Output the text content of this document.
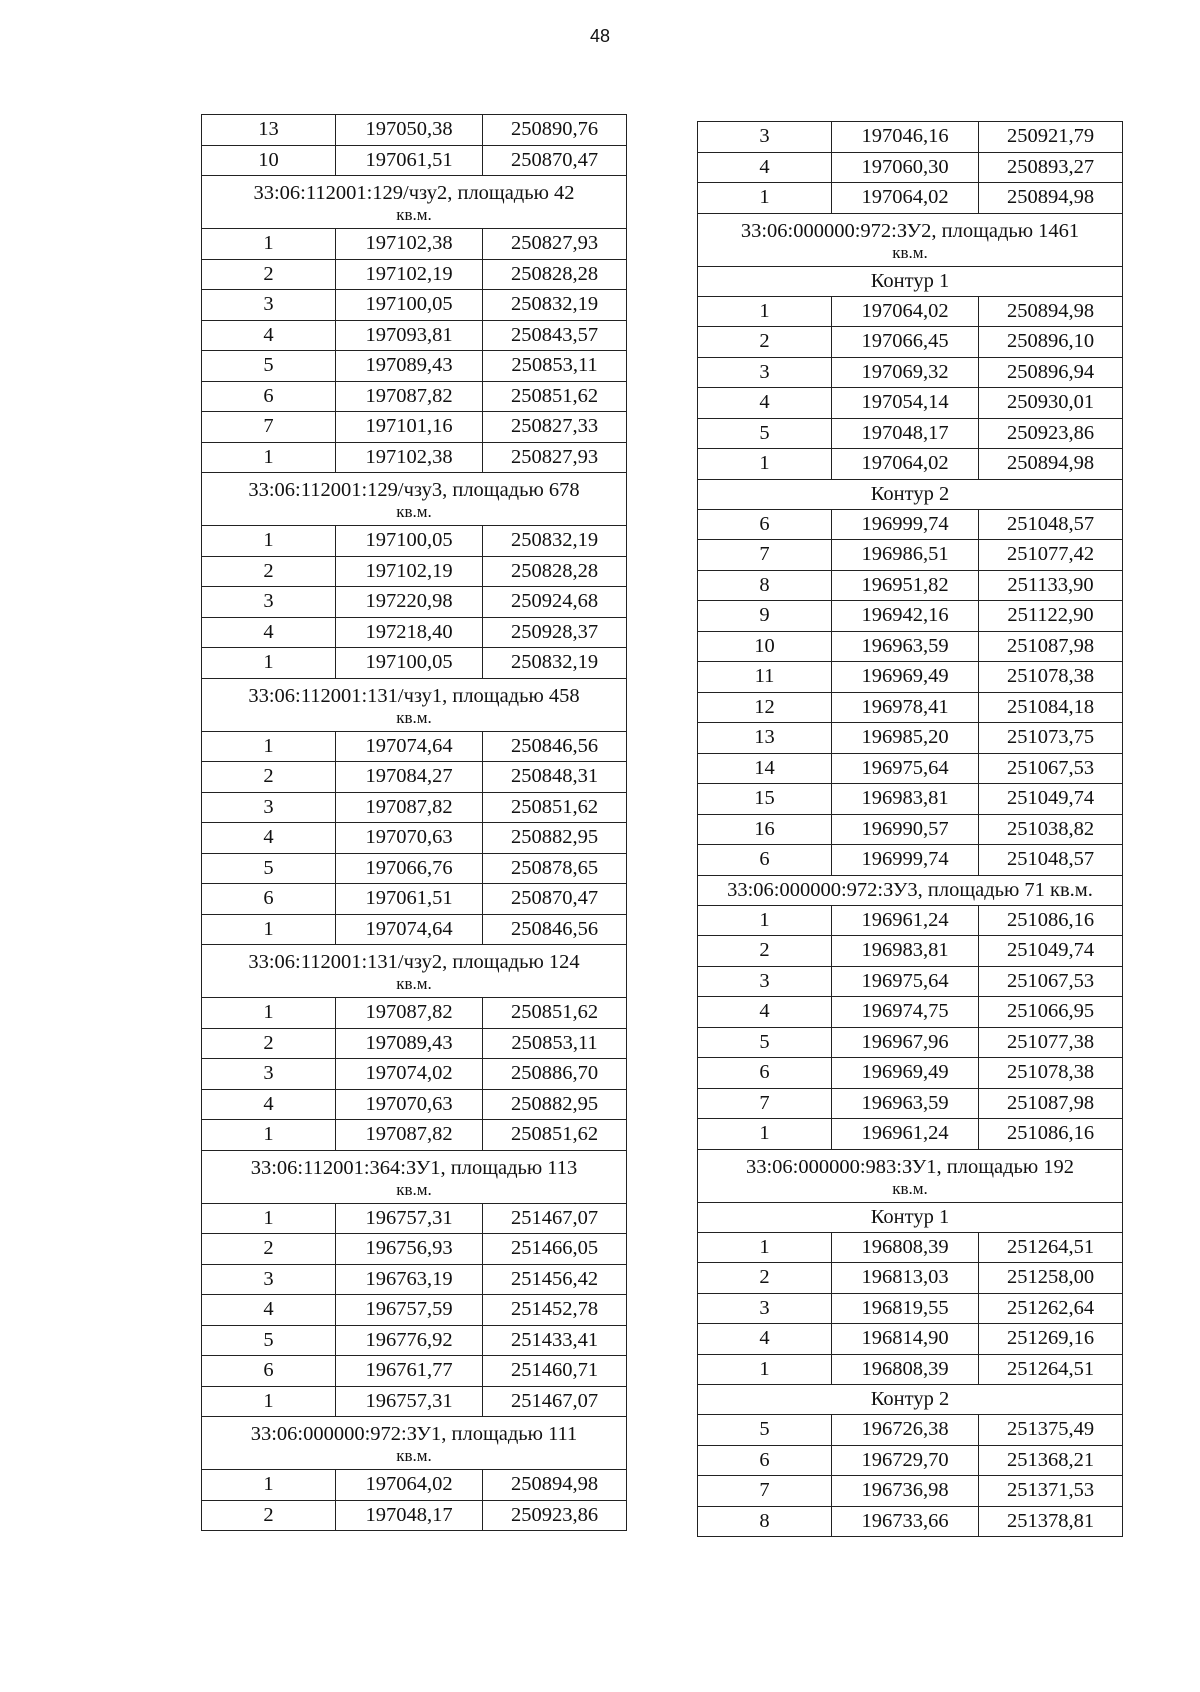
48
13	197050,38	250890,76
10	197061,51	250870,47
33:06:112001:129/чзу2, площадью 42
кв.м.		

1	197102,38	250827,93
2	197102,19	250828,28
3	197100,05	250832,19
4	197093,81	250843,57
5	197089,43	250853,11
6	197087,82	250851,62
7	197101,16	250827,33
1	197102,38	250827,93
33:06:112001:129/чзу3, площадью 678
кв.м.		

1	197100,05	250832,19
2	197102,19	250828,28
3	197220,98	250924,68
4	197218,40	250928,37
1	197100,05	250832,19
33:06:112001:131/чзу1, площадью 458
кв.м.		

1	197074,64	250846,56
2	197084,27	250848,31
3	197087,82	250851,62
4	197070,63	250882,95
5	197066,76	250878,65
6	197061,51	250870,47
1	197074,64	250846,56
33:06:112001:131/чзу2, площадью 124
кв.м.		

1	197087,82	250851,62
2	197089,43	250853,11
3	197074,02	250886,70
4	197070,63	250882,95
1	197087,82	250851,62
33:06:112001:364:ЗУ1, площадью 113
кв.м.		

1	196757,31	251467,07
2	196756,93	251466,05
3	196763,19	251456,42
4	196757,59	251452,78
5	196776,92	251433,41
6	196761,77	251460,71
1	196757,31	251467,07
33:06:000000:972:ЗУ1, площадью 111
кв.м.		

1	197064,02	250894,98
2	197048,17	250923,86
3	197046,16	250921,79
4	197060,30	250893,27
1	197064,02	250894,98
33:06:000000:972:ЗУ2, площадью 1461
кв.м.		

Контур 1		
1	197064,02	250894,98
2	197066,45	250896,10
3	197069,32	250896,94
4	197054,14	250930,01
5	197048,17	250923,86
1	197064,02	250894,98
Контур 2		
6	196999,74	251048,57
7	196986,51	251077,42
8	196951,82	251133,90
9	196942,16	251122,90
10	196963,59	251087,98
11	196969,49	251078,38
12	196978,41	251084,18
13	196985,20	251073,75
14	196975,64	251067,53
15	196983,81	251049,74
16	196990,57	251038,82
6	196999,74	251048,57
33:06:000000:972:ЗУ3, площадью 71 кв.м.		
1	196961,24	251086,16
2	196983,81	251049,74
3	196975,64	251067,53
4	196974,75	251066,95
5	196967,96	251077,38
6	196969,49	251078,38
7	196963,59	251087,98
1	196961,24	251086,16
33:06:000000:983:ЗУ1, площадью 192
кв.м.		

Контур 1		
1	196808,39	251264,51
2	196813,03	251258,00
3	196819,55	251262,64
4	196814,90	251269,16
1	196808,39	251264,51
Контур 2		
5	196726,38	251375,49
6	196729,70	251368,21
7	196736,98	251371,53
8	196733,66	251378,81
